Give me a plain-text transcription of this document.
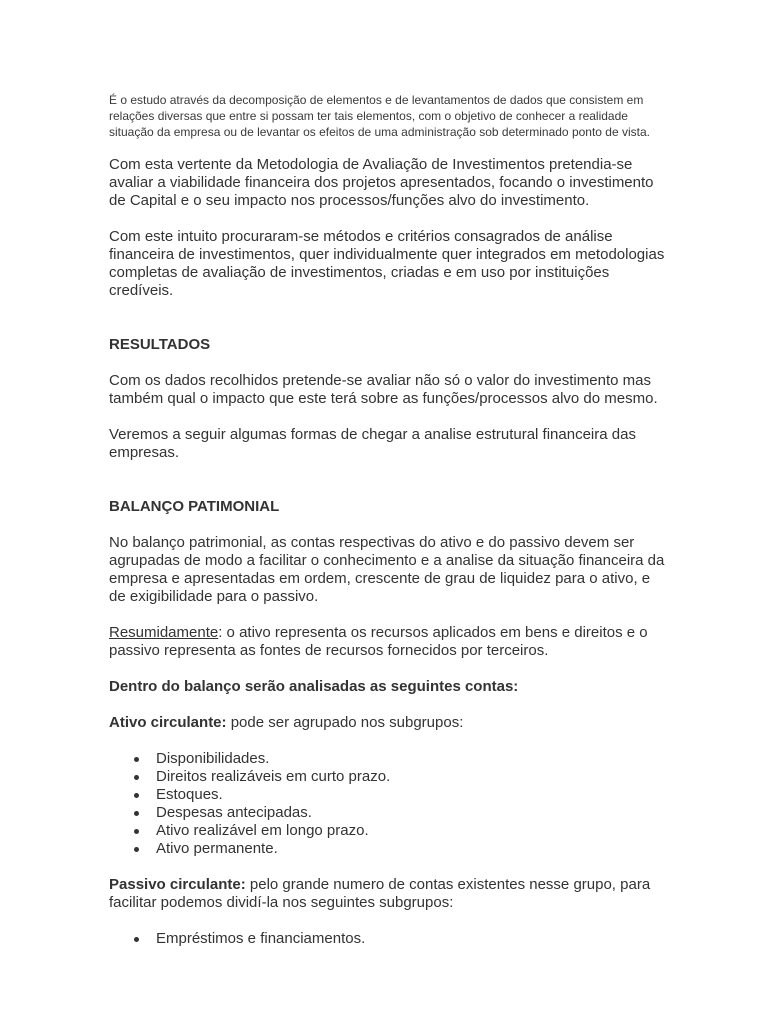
É o estudo através da decomposição de elementos e de levantamentos de dados que consistem em relações diversas que entre si possam ter tais elementos, com o objetivo de conhecer a realidade situação da empresa ou de levantar os efeitos de uma administração sob determinado ponto de vista.

Com esta vertente da Metodologia de Avaliação de Investimentos pretendia-se avaliar a viabilidade financeira dos projetos apresentados, focando o investimento de Capital e o seu impacto nos processos/funções alvo do investimento.

Com este intuito procuraram-se métodos e critérios consagrados de análise financeira de investimentos, quer individualmente quer integrados em metodologias completas de avaliação de investimentos, criadas e em uso por instituições credíveis.

RESULTADOS

Com os dados recolhidos pretende-se avaliar não só o valor do investimento mas também qual o impacto que este terá sobre as funções/processos alvo do mesmo.

Veremos a seguir algumas formas de chegar a analise estrutural financeira das empresas.

BALANÇO PATIMONIAL

No balanço patrimonial, as contas respectivas do ativo e do passivo devem ser agrupadas de modo a facilitar o conhecimento e a analise da situação financeira da empresa e apresentadas em ordem, crescente de grau de liquidez para o ativo, e de exigibilidade para o passivo.

Resumidamente: o ativo representa os recursos aplicados em bens e direitos e o passivo representa as fontes de recursos fornecidos por terceiros.

Dentro do balanço serão analisadas as seguintes contas:

Ativo circulante: pode ser agrupado nos subgrupos:

Disponibilidades.
Direitos realizáveis em curto prazo.
Estoques.
Despesas antecipadas.
Ativo realizável em longo prazo.
Ativo permanente.

Passivo circulante: pelo grande numero de contas existentes nesse grupo, para facilitar podemos dividí-la nos seguintes subgrupos:

Empréstimos e financiamentos.
